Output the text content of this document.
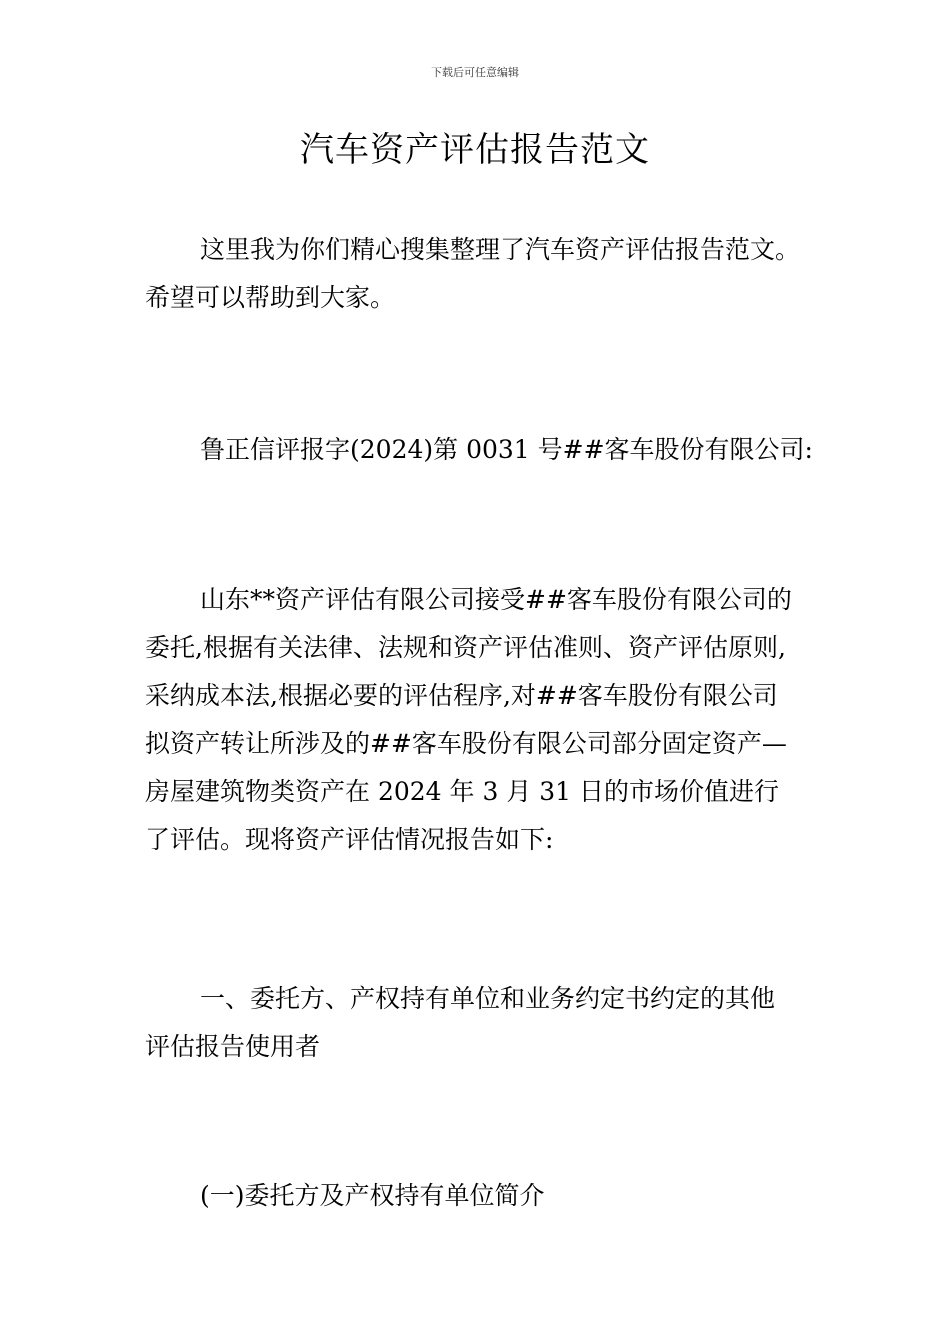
下载后可任意编辑
汽车资产评估报告范文

这里我为你们精心搜集整理了汽车资产评估报告范文。
希望可以帮助到大家。

鲁正信评报字(2024)第 0031 号##客车股份有限公司:

山东**资产评估有限公司接受##客车股份有限公司的
委托,根据有关法律、法规和资产评估准则、资产评估原则,
采纳成本法,根据必要的评估程序,对##客车股份有限公司
拟资产转让所涉及的##客车股份有限公司部分固定资产—
房屋建筑物类资产在 2024 年 3 月 31 日的市场价值进行
了评估。现将资产评估情况报告如下:

一、委托方、产权持有单位和业务约定书约定的其他
评估报告使用者

(一)委托方及产权持有单位简介
